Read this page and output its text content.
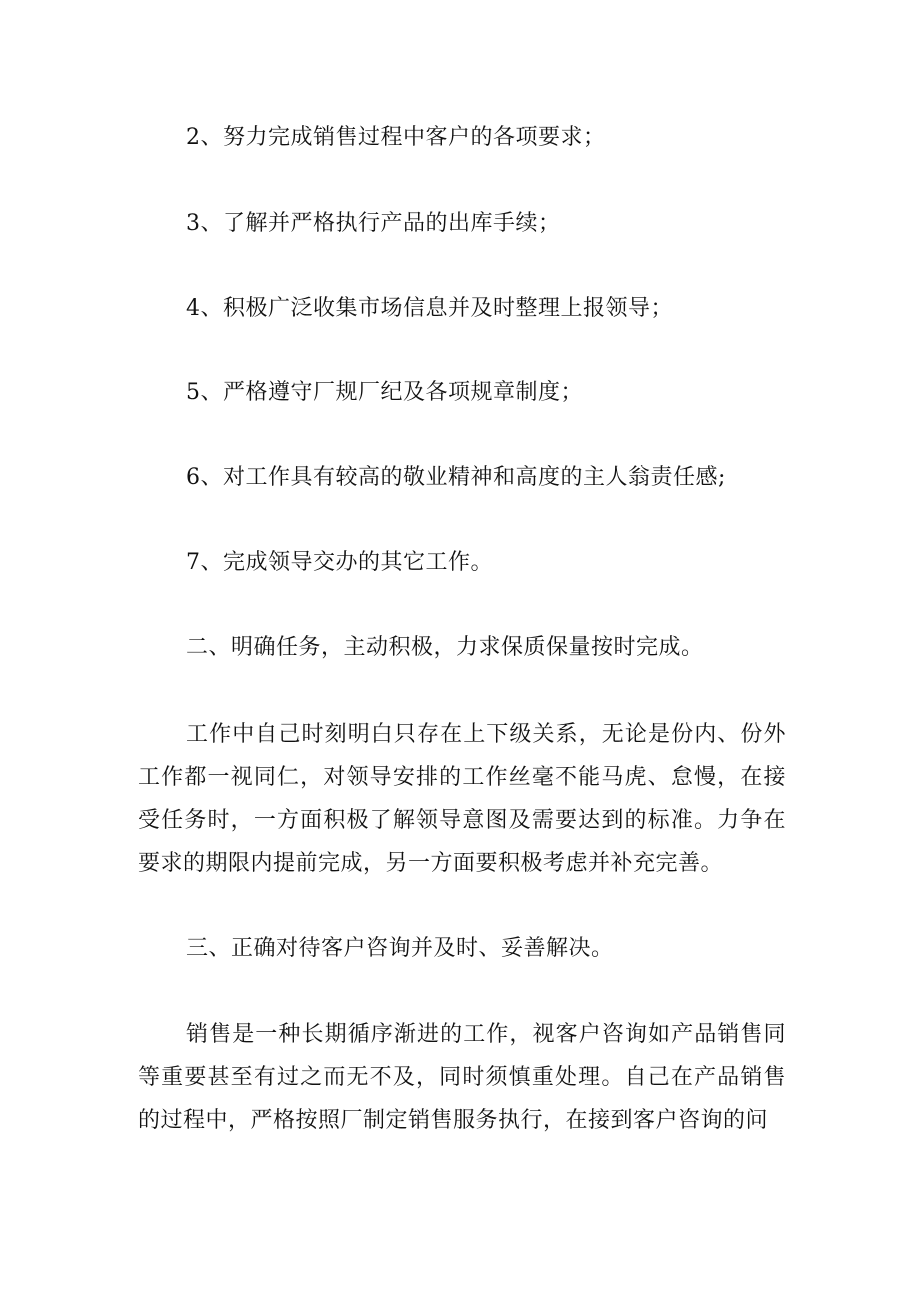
2、努力完成销售过程中客户的各项要求；
3、了解并严格执行产品的出库手续；
4、积极广泛收集市场信息并及时整理上报领导；
5、严格遵守厂规厂纪及各项规章制度；
6、对工作具有较高的敬业精神和高度的主人翁责任感;
7、完成领导交办的其它工作。
二、明确任务，主动积极，力求保质保量按时完成。
工作中自己时刻明白只存在上下级关系，无论是份内、份外工作都一视同仁，对领导安排的工作丝毫不能马虎、怠慢，在接受任务时，一方面积极了解领导意图及需要达到的标准。力争在要求的期限内提前完成，另一方面要积极考虑并补充完善。
三、正确对待客户咨询并及时、妥善解决。
销售是一种长期循序渐进的工作，视客户咨询如产品销售同等重要甚至有过之而无不及，同时须慎重处理。自己在产品销售的过程中，严格按照厂制定销售服务执行，在接到客户咨询的问
